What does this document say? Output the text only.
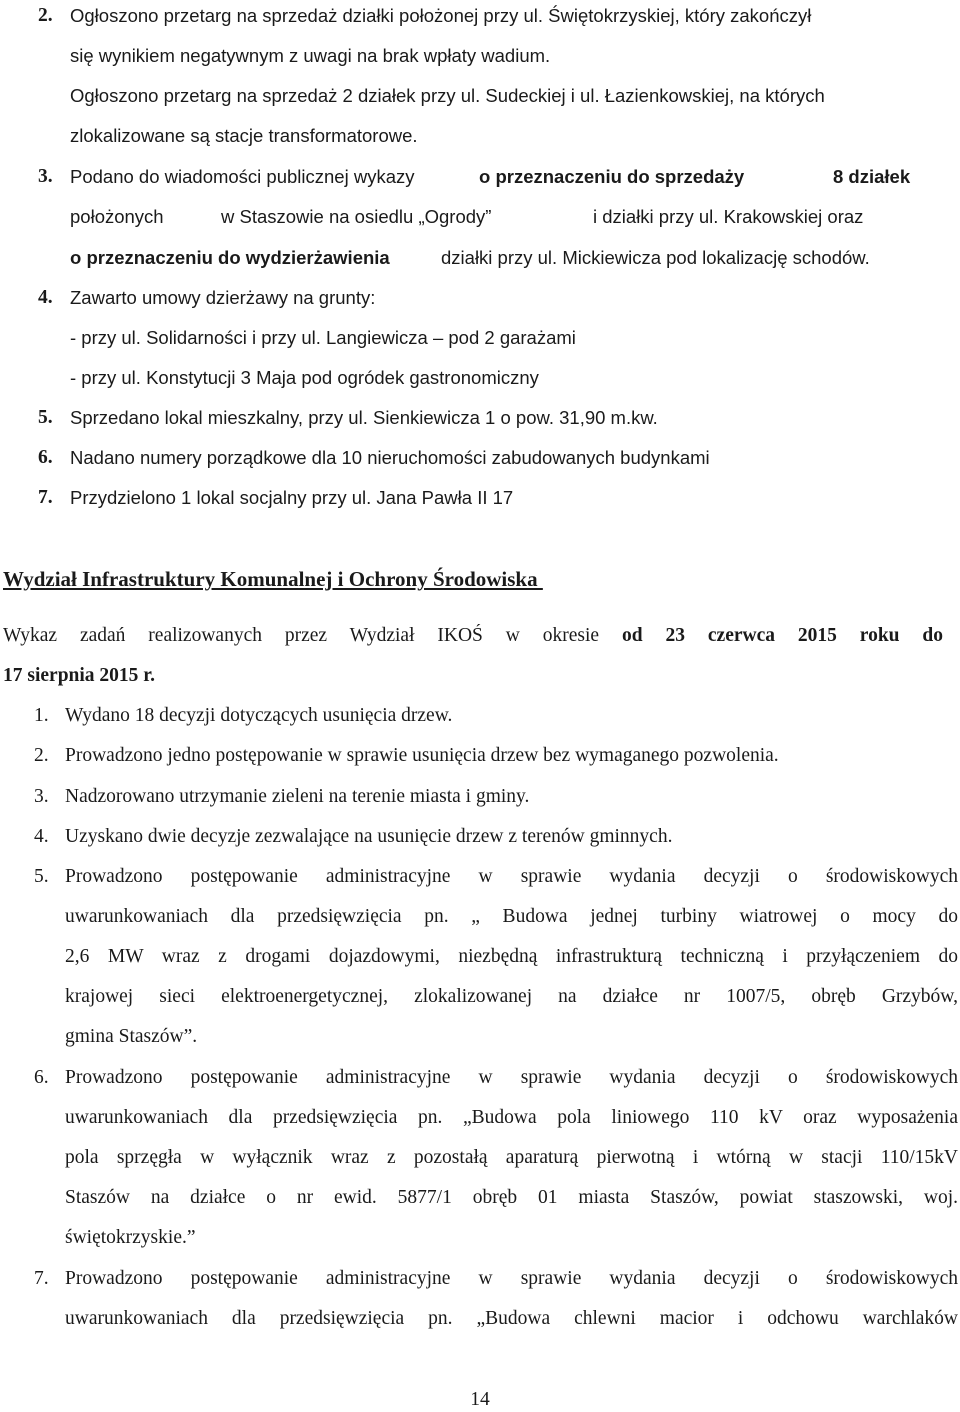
2. Ogłoszono przetarg na sprzedaż działki położonej przy ul. Świętokrzyskiej, który zakończył
się wynikiem negatywnym z uwagi na brak wpłaty wadium.
Ogłoszono przetarg na sprzedaż 2 działek przy ul. Sudeckiej i ul. Łazienkowskiej, na których
zlokalizowane są stacje transformatorowe.
3. Podano do wiadomości publicznej wykazy	o przeznaczeniu do sprzedaży	8 działek
położonych	w Staszowie na osiedlu „Ogrody”	i działki przy ul. Krakowskiej oraz
o przeznaczeniu do wydzierżawienia	działki przy ul. Mickiewicza pod lokalizację schodów.
4. Zawarto umowy dzierżawy na grunty:
- przy ul. Solidarności i przy ul. Langiewicza – pod 2 garażami
- przy ul. Konstytucji 3 Maja pod ogródek gastronomiczny
5. Sprzedano lokal mieszkalny, przy ul. Sienkiewicza 1 o pow. 31,90 m.kw.
6. Nadano numery porządkowe dla 10 nieruchomości zabudowanych budynkami
7. Przydzielono 1 lokal socjalny przy ul. Jana Pawła II 17
Wydział Infrastruktury Komunalnej i Ochrony Środowiska
Wykaz zadań realizowanych przez Wydział IKOŚ w okresie od 23 czerwca 2015 roku do
17 sierpnia 2015 r.
1. Wydano 18 decyzji dotyczących usunięcia drzew.
2. Prowadzono jedno postępowanie w sprawie usunięcia drzew bez wymaganego pozwolenia.
3. Nadzorowano utrzymanie zieleni na terenie miasta i gminy.
4. Uzyskano dwie decyzje zezwalające na usunięcie drzew z terenów gminnych.
5. Prowadzono postępowanie administracyjne w sprawie wydania decyzji o środowiskowych
uwarunkowaniach dla przedsięwzięcia pn. „ Budowa jednej turbiny wiatrowej o mocy do
2,6 MW wraz z drogami dojazdowymi, niezbędną infrastrukturą techniczną i przyłączeniem do
krajowej sieci elektroenergetycznej, zlokalizowanej na działce nr 1007/5, obręb Grzybów,
gmina Staszów”.
6. Prowadzono postępowanie administracyjne w sprawie wydania decyzji o środowiskowych
uwarunkowaniach dla przedsięwzięcia pn. „Budowa pola liniowego 110 kV oraz wyposażenia
pola sprzęgła w wyłącznik wraz z pozostałą aparaturą pierwotną i wtórną w stacji 110/15kV
Staszów na działce o nr ewid. 5877/1 obręb 01 miasta Staszów, powiat staszowski, woj.
świętokrzyskie.”
7. Prowadzono postępowanie administracyjne w sprawie wydania decyzji o środowiskowych
uwarunkowaniach dla przedsięwzięcia pn. „Budowa chlewni macior i odchowu warchlaków
14
